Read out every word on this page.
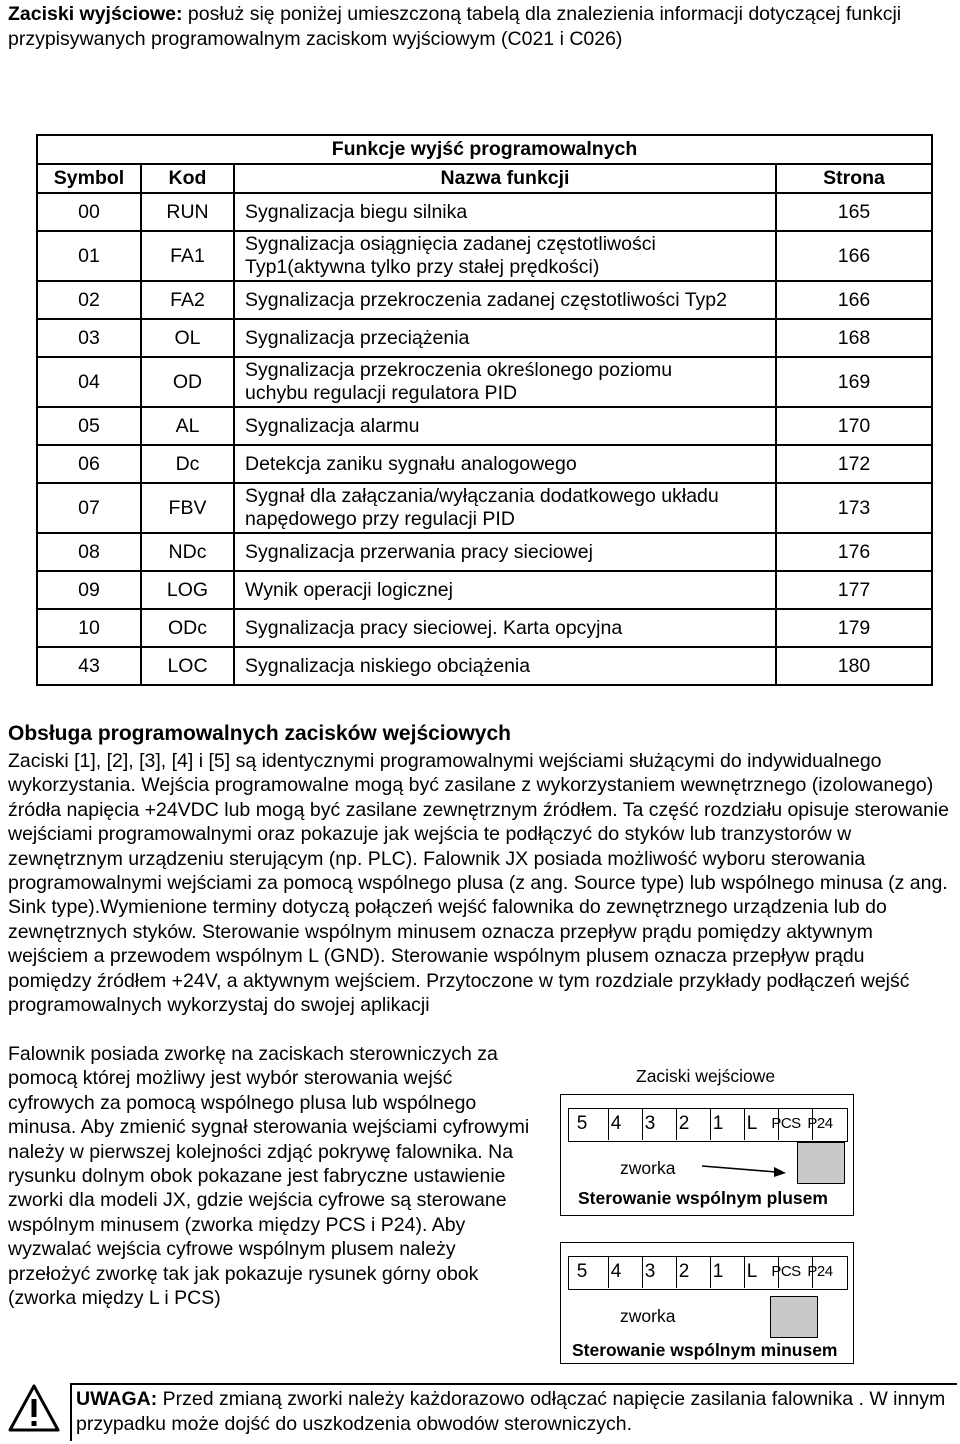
Zaciski wyjściowe: posłuż się poniżej umieszczoną tabelą dla znalezienia informacji dotyczącej funkcji przypisywanych programowalnym zaciskom wyjściowym (C021 i C026)
Funkcje wyjść programowalnych			
Symbol	Kod	Nazwa funkcji	Strona
00	RUN	Sygnalizacja biegu silnika	165
01	FA1	Sygnalizacja osiągnięcia zadanej częstotliwości
Typ1(aktywna tylko przy stałej prędkości)	166
02	FA2	Sygnalizacja przekroczenia zadanej częstotliwości Typ2	166
03	OL	Sygnalizacja przeciążenia	168
04	OD	Sygnalizacja przekroczenia określonego poziomu
uchybu regulacji regulatora PID	169
05	AL	Sygnalizacja alarmu	170
06	Dc	Detekcja zaniku sygnału analogowego	172
07	FBV	Sygnał dla załączania/wyłączania dodatkowego układu
napędowego przy regulacji PID	173
08	NDc	Sygnalizacja przerwania pracy sieciowej	176
09	LOG	Wynik operacji logicznej	177
10	ODc	Sygnalizacja pracy sieciowej. Karta opcyjna	179
43	LOC	Sygnalizacja niskiego obciążenia	180
Obsługa programowalnych zacisków wejściowych
Zaciski [1], [2], [3], [4] i [5] są identycznymi programowalnymi wejściami służącymi do indywidualnego wykorzystania. Wejścia programowalne mogą być zasilane z wykorzystaniem wewnętrznego (izolowanego) źródła napięcia +24VDC lub mogą być zasilane zewnętrznym źródłem. Ta część rozdziału opisuje sterowanie wejściami programowalnymi oraz pokazuje jak wejścia te podłączyć do styków lub tranzystorów w zewnętrznym urządzeniu sterującym (np. PLC). Falownik JX posiada możliwość wyboru sterowania programowalnymi wejściami za pomocą wspólnego plusa (z ang. Source type) lub wspólnego minusa (z ang. Sink type).Wymienione terminy dotyczą połączeń wejść falownika do zewnętrznego urządzenia lub do zewnętrznych styków. Sterowanie wspólnym minusem oznacza przepływ prądu pomiędzy aktywnym wejściem a przewodem wspólnym L (GND). Sterowanie wspólnym plusem oznacza przepływ prądu pomiędzy źródłem +24V, a aktywnym wejściem. Przytoczone w tym rozdziale przykłady podłączeń wejść programowalnych wykorzystaj do swojej aplikacji
Falownik posiada zworkę na zaciskach sterowniczych za pomocą której możliwy jest wybór sterowania wejść cyfrowych za pomocą wspólnego plusa lub wspólnego minusa. Aby zmienić sygnał sterowania wejściami cyfrowymi należy w pierwszej kolejności zdjąć pokrywę falownika. Na rysunku dolnym obok pokazane jest fabryczne ustawienie zworki dla modeli JX, gdzie wejścia cyfrowe są sterowane wspólnym minusem (zworka między PCS i P24). Aby wyzwalać wejścia cyfrowe wspólnym plusem należy przełożyć zworkę tak jak pokazuje rysunek górny obok (zworka między L i PCS)
Zaciski wejściowe
5 4 3 2 1 L PCS P24
zworka
Sterowanie wspólnym plusem
5 4 3 2 1 L PCS P24
zworka
Sterowanie wspólnym minusem
UWAGA: Przed zmianą zworki należy każdorazowo odłączać napięcie zasilania falownika . W innym przypadku może dojść do uszkodzenia obwodów sterowniczych.
